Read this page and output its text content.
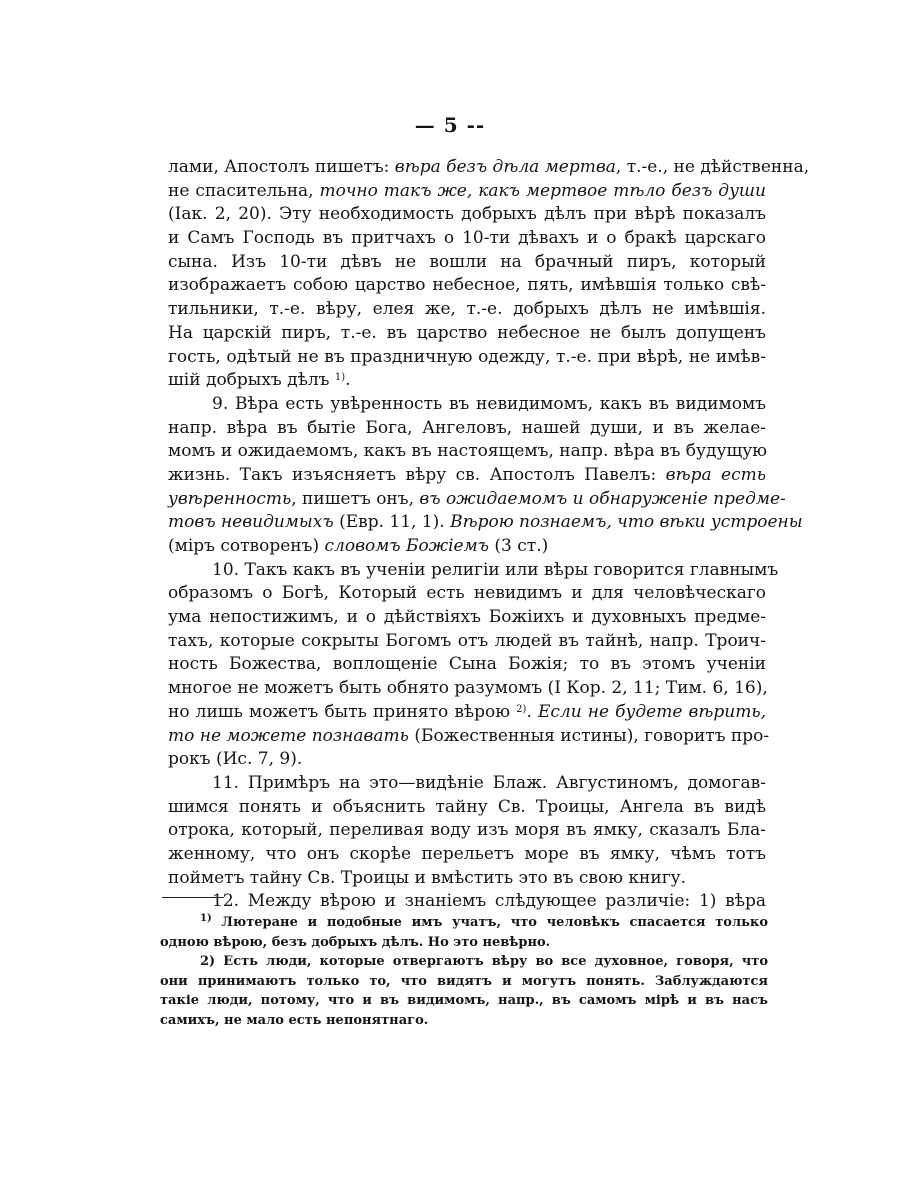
— 5 --
лами, Апостолъ пишетъ: вѣра безъ дѣла мертва, т.-е., не дѣйственна,
не спасительна, точно такъ же, какъ мертвое тѣло безъ души
(Іак. 2, 20). Эту необходимость добрыхъ дѣлъ при вѣрѣ показалъ
и Самъ Господь въ притчахъ о 10-ти дѣвахъ и о бракѣ царскаго
сына. Изъ 10-ти дѣвъ не вошли на брачный пиръ, который
изображаетъ собою царство небесное, пять, имѣвшія только свѣ-
тильники, т.-е. вѣру, елея же, т.-е. добрыхъ дѣлъ не имѣвшія.
На царскій пиръ, т.-е. въ царство небесное не былъ допущенъ
гость, одѣтый не въ праздничную одежду, т.-е. при вѣрѣ, не имѣв-
шій добрыхъ дѣлъ $^{1)}$.
9. Вѣра есть увѣренность въ невидимомъ, какъ въ видимомъ
напр. вѣра въ бытіе Бога, Ангеловъ, нашей души, и въ желае-
момъ и ожидаемомъ, какъ въ настоящемъ, напр. вѣра въ будущую
жизнь. Такъ изъясняетъ вѣру св. Апостолъ Павелъ: вѣра есть
увѣренность, пишетъ онъ, въ ожидаемомъ и обнаруженіе предме-
товъ невидимыхъ (Евр. 11, 1). Вѣрою познаемъ, что вѣки устроены
(міръ сотворенъ) словомъ Божіемъ (3 ст.)
10. Такъ какъ въ ученіи религіи или вѣры говорится главнымъ
образомъ о Богѣ, Который есть невидимъ и для человѣческаго
ума непостижимъ, и о дѣйствіяхъ Божіихъ и духовныхъ предме-
тахъ, которые сокрыты Богомъ отъ людей въ тайнѣ, напр. Троич-
ность Божества, воплощеніе Сына Божія; то въ этомъ ученіи
многое не можетъ быть обнято разумомъ (I Кор. 2, 11; Тим. 6, 16),
но лишь можетъ быть принято вѣрою $^{2)}$. Если не будете вѣрить,
то не можете познавать (Божественныя истины), говоритъ про-
рокъ (Ис. 7, 9).
11. Примѣръ на это—видѣніе Блаж. Августиномъ, домогав-
шимся понять и объяснить тайну Св. Троицы, Ангела въ видѣ
отрока, который, переливая воду изъ моря въ ямку, сказалъ Бла-
женному, что онъ скорѣе перельетъ море въ ямку, чѣмъ тотъ
пойметъ тайну Св. Троицы и вмѣстить это въ свою книгу.
12. Между вѣрою и знаніемъ слѣдующее различіе: 1) вѣра
$^{1)}$ Лютеране и подобные имъ учатъ, что человѣкъ спасается только
одною вѣрою, безъ добрыхъ дѣлъ. Но это невѣрно.
2) Есть люди, которые отвергаютъ вѣру во все духовное, говоря, что
они принимаютъ только то, что видятъ и могутъ понять. Заблуждаются
такіе люди, потому, что и въ видимомъ, напр., въ самомъ мірѣ и въ насъ
самихъ, не мало есть непонятнаго.
